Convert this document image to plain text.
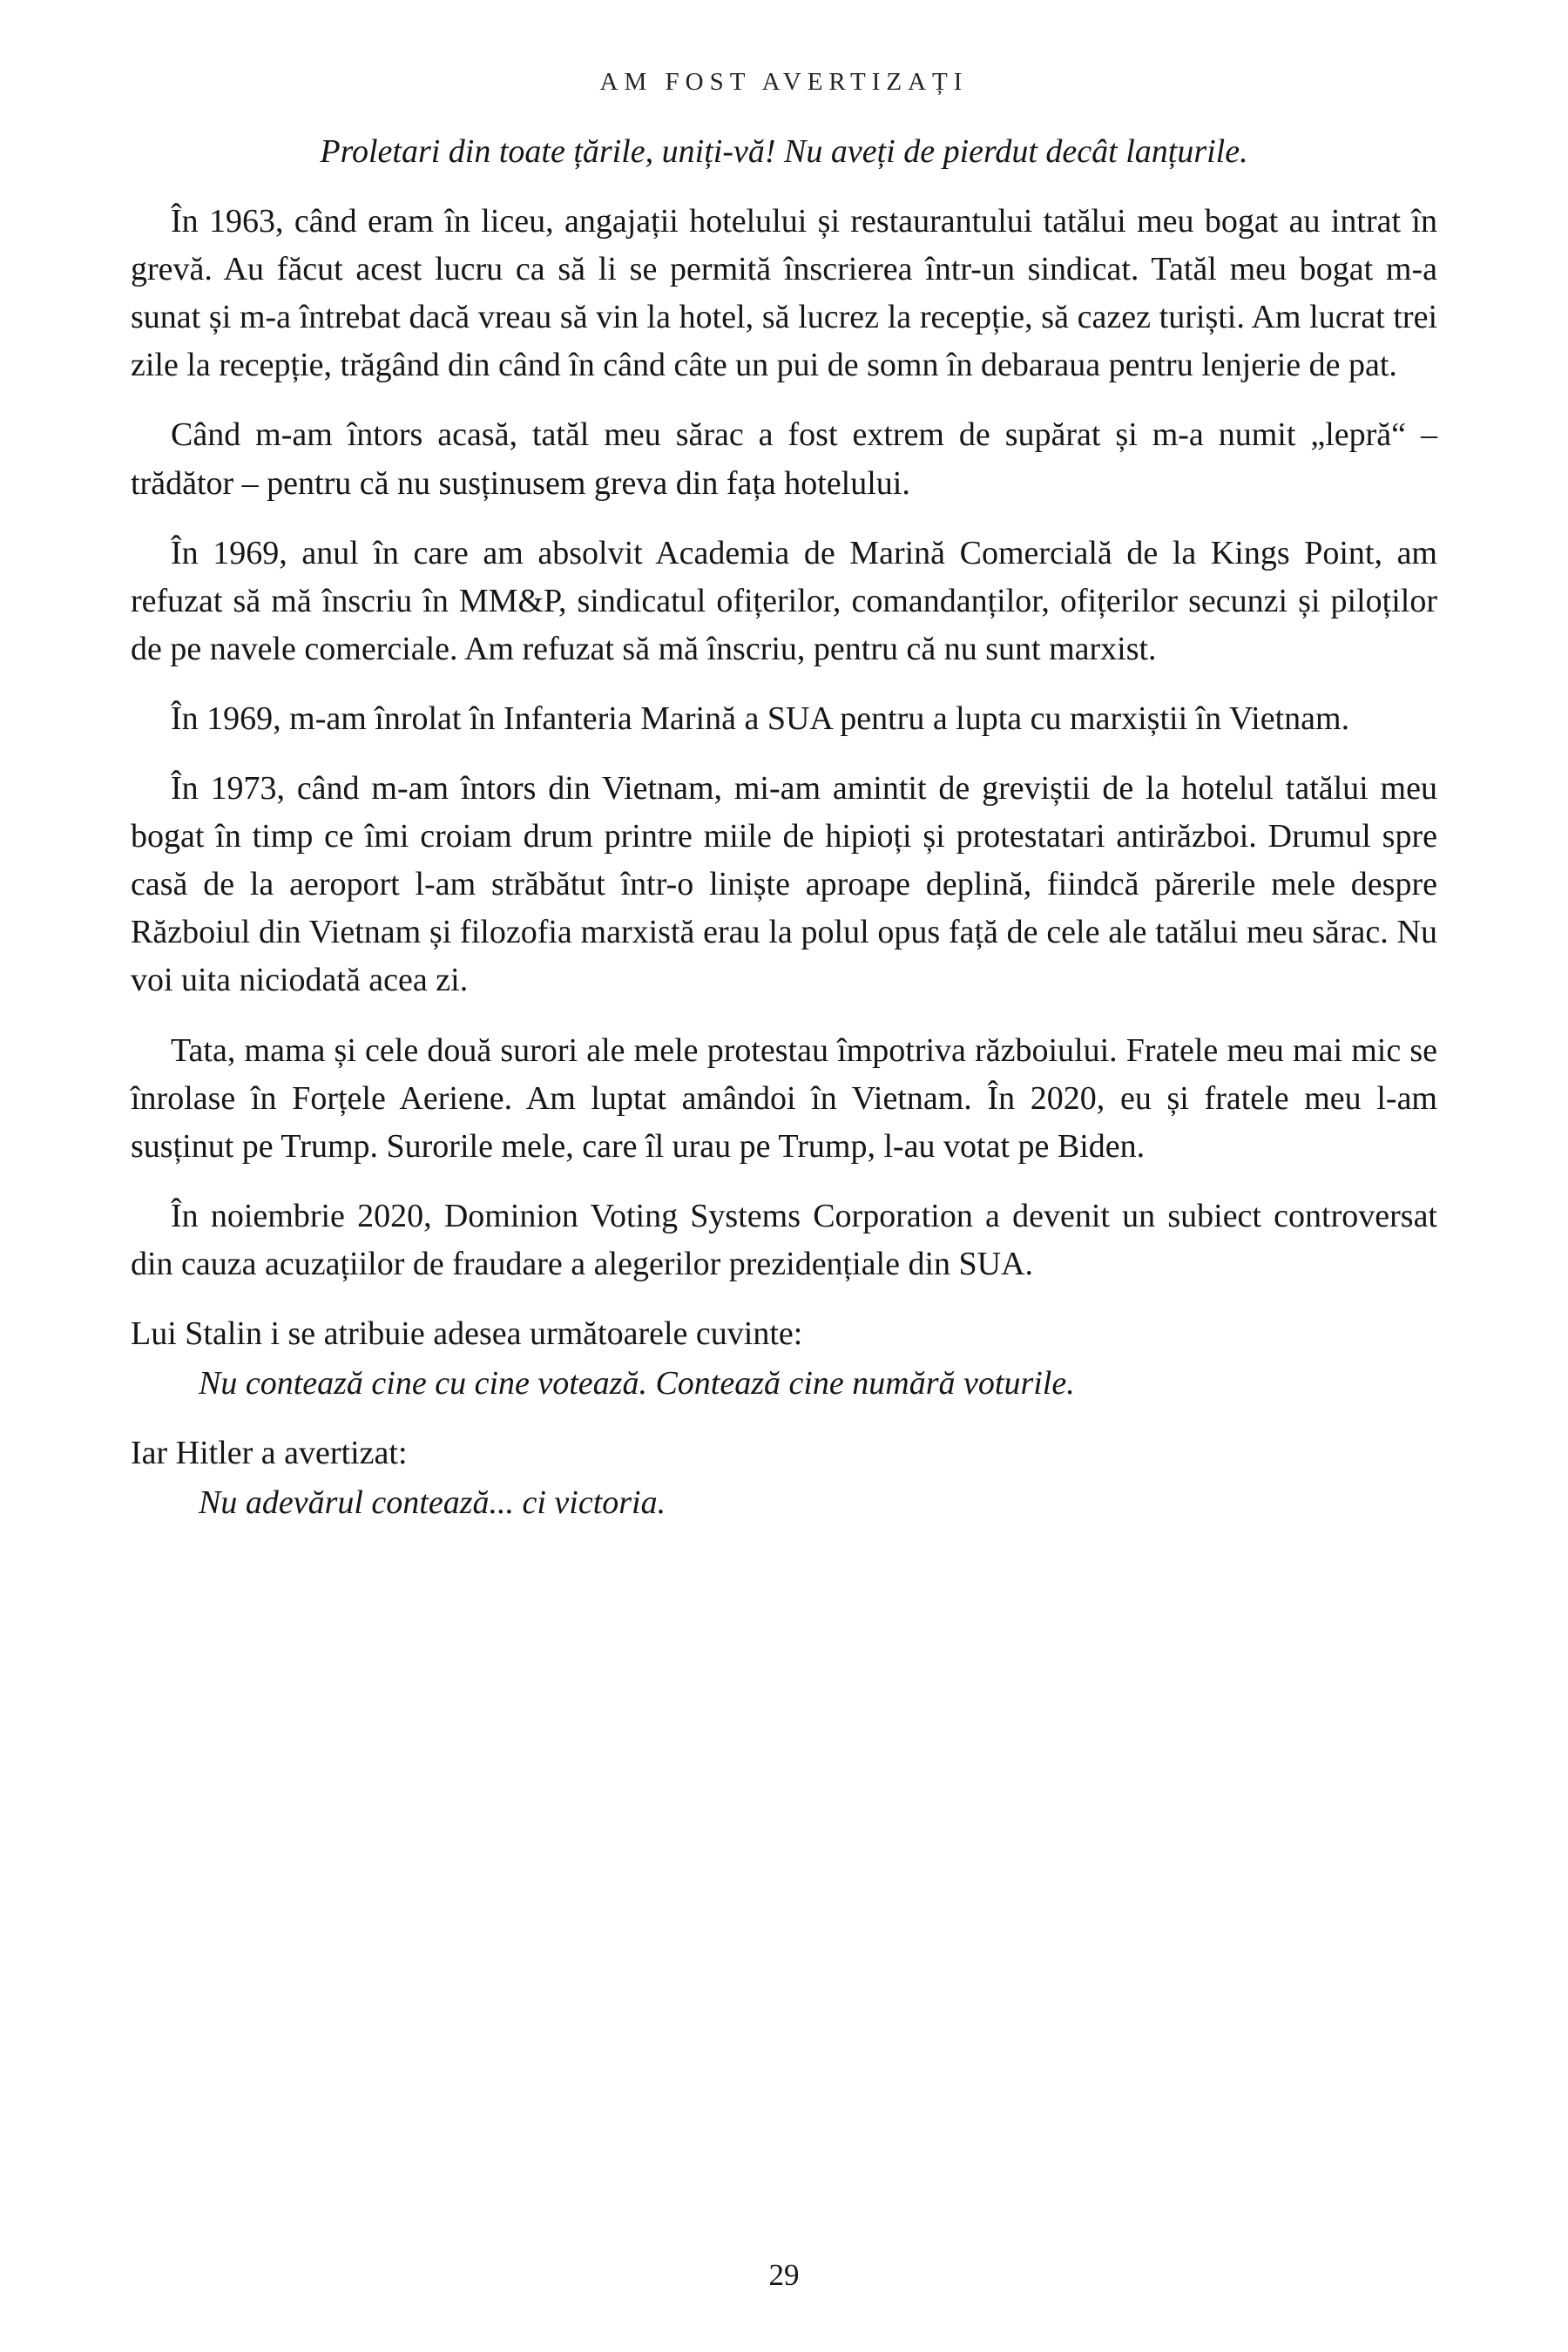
AM FOST AVERTIZAȚI

Proletari din toate țările, uniți-vă! Nu aveți de pierdut decât lanțurile.

În 1963, când eram în liceu, angajații hotelului și restaurantului tatălui meu bogat au intrat în grevă. Au făcut acest lucru ca să li se permită înscrierea într-un sindicat. Tatăl meu bogat m-a sunat și m-a întrebat dacă vreau să vin la hotel, să lucrez la recepție, să cazez turiști. Am lucrat trei zile la recepție, trăgând din când în când câte un pui de somn în debaraua pentru lenjerie de pat.

Când m-am întors acasă, tatăl meu sărac a fost extrem de supărat și m-a numit „lepră“ – trădător – pentru că nu susținusem greva din fața hotelului.

În 1969, anul în care am absolvit Academia de Marină Comercială de la Kings Point, am refuzat să mă înscriu în MM&P, sindicatul ofițerilor, comandanților, ofițerilor secunzi și piloților de pe navele comerciale. Am refuzat să mă înscriu, pentru că nu sunt marxist.

În 1969, m-am înrolat în Infanteria Marină a SUA pentru a lupta cu marxiștii în Vietnam.

În 1973, când m-am întors din Vietnam, mi-am amintit de greviștii de la hotelul tatălui meu bogat în timp ce îmi croiam drum printre miile de hipioți și protestatari antirăzboi. Drumul spre casă de la aeroport l-am străbătut într-o liniște aproape deplină, fiindcă părerile mele despre Războiul din Vietnam și filozofia marxistă erau la polul opus față de cele ale tatălui meu sărac. Nu voi uita niciodată acea zi.

Tata, mama și cele două surori ale mele protestau împotriva războiului. Fratele meu mai mic se înrolase în Forțele Aeriene. Am luptat amândoi în Vietnam. În 2020, eu și fratele meu l-am susținut pe Trump. Surorile mele, care îl urau pe Trump, l-au votat pe Biden.

În noiembrie 2020, Dominion Voting Systems Corporation a devenit un subiect controversat din cauza acuzațiilor de fraudare a alegerilor prezidențiale din SUA.

Lui Stalin i se atribuie adesea următoarele cuvinte:

Nu contează cine cu cine votează. Contează cine numără voturile.

Iar Hitler a avertizat:

Nu adevărul contează... ci victoria.

29
